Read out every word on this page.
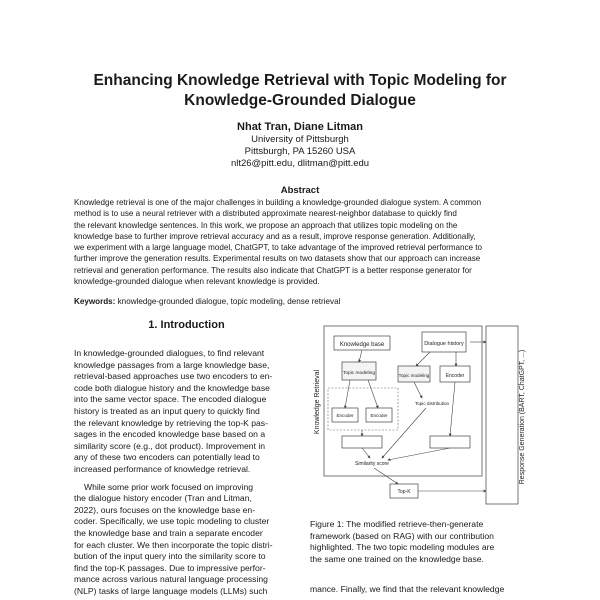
Enhancing Knowledge Retrieval with Topic Modeling for
Knowledge-Grounded Dialogue
Nhat Tran, Diane Litman
University of Pittsburgh
Pittsburgh, PA 15260 USA
nlt26@pitt.edu, dlitman@pitt.edu
Abstract
Knowledge retrieval is one of the major challenges in building a knowledge-grounded dialogue system. A common
method is to use a neural retriever with a distributed approximate nearest-neighbor database to quickly find
the relevant knowledge sentences. In this work, we propose an approach that utilizes topic modeling on the
knowledge base to further improve retrieval accuracy and as a result, improve response generation. Additionally,
we experiment with a large language model, ChatGPT, to take advantage of the improved retrieval performance to
further improve the generation results. Experimental results on two datasets show that our approach can increase
retrieval and generation performance. The results also indicate that ChatGPT is a better response generator for
knowledge-grounded dialogue when relevant knowledge is provided.
Keywords: knowledge-grounded dialogue, topic modeling, dense retrieval
1. Introduction
In knowledge-grounded dialogues, to find relevant
knowledge passages from a large knowledge base,
retrieval-based approaches use two encoders to en-
code both dialogue history and the knowledge base
into the same vector space. The encoded dialogue
history is treated as an input query to quickly find
the relevant knowledge by retrieving the top-K pas-
sages in the encoded knowledge base based on a
similarity score (e.g., dot product). Improvement in
any of these two encoders can potentially lead to
increased performance of knowledge retrieval.
While some prior work focused on improving
the dialogue history encoder (Tran and Litman,
2022), ours focuses on the knowledge base en-
coder. Specifically, we use topic modeling to cluster
the knowledge base and train a separate encoder
for each cluster. We then incorporate the topic distri-
bution of the input query into the similarity score to
find the top-K passages. Due to impressive perfor-
mance across various natural language processing
(NLP) tasks of large language models (LLMs) such
Knowledge Retrieval	Response Generation (BART, ChatGPT, ...)
Knowledge base	Dialogue history
Topic modeling	Topic modeling	Encoder
Encoder	Encoder
Topic distribution
Similarity score
Top-K
Figure 1: The modified retrieve-then-generate
framework (based on RAG) with our contribution
highlighted. The two topic modeling modules are
the same one trained on the knowledge base.
mance. Finally, we find that the relevant knowledge
